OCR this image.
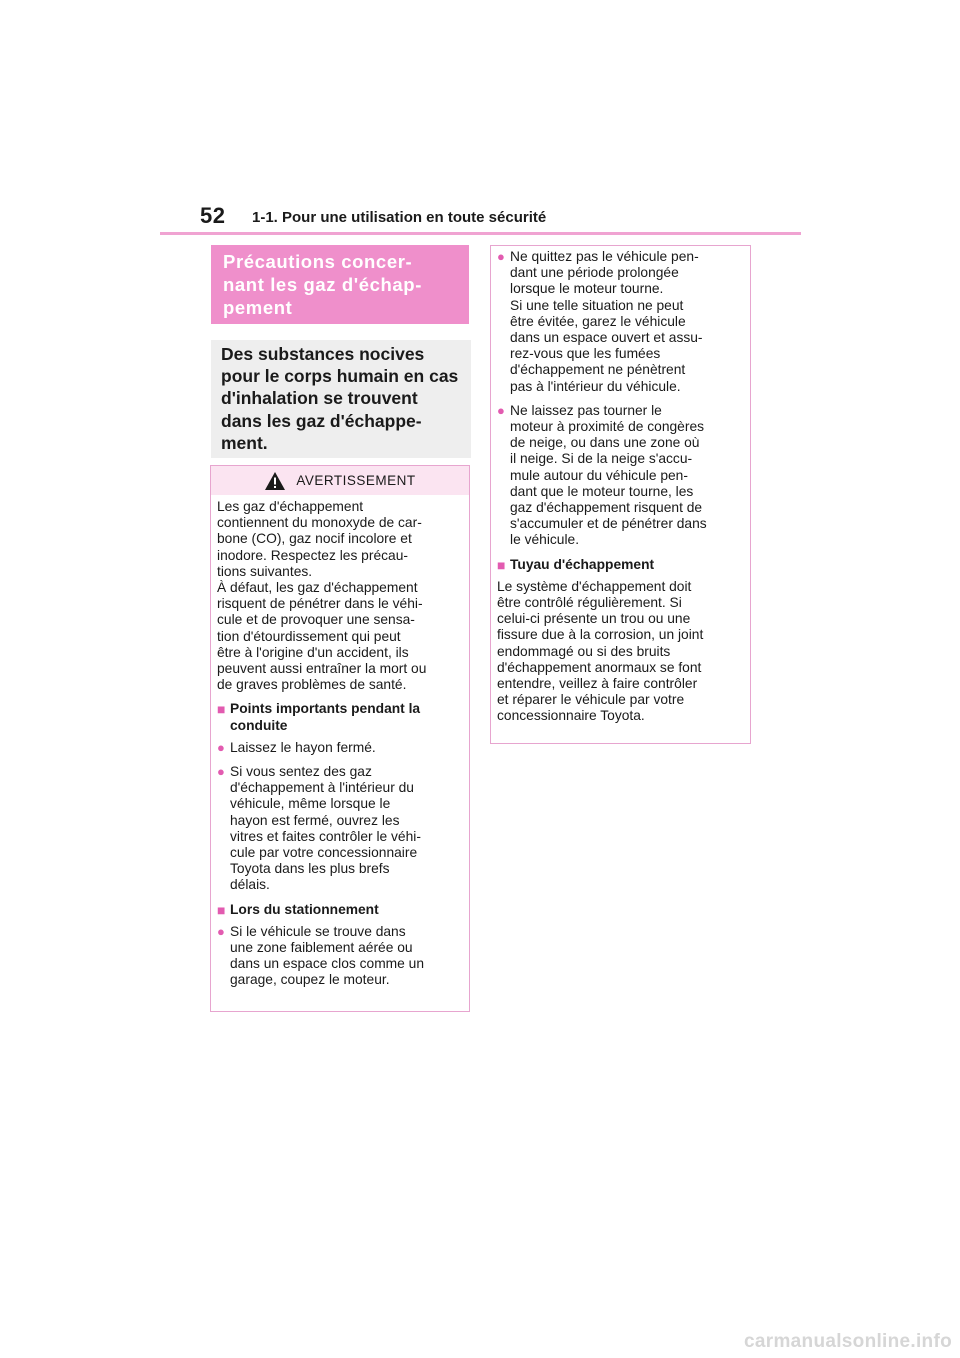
52 1-1. Pour une utilisation en toute sécurité
Précautions concer-
nant les gaz d'échap-
pement
Des substances nocives
pour le corps humain en cas
d'inhalation se trouvent
dans les gaz d'échappe-
ment.
AVERTISSEMENT

Les gaz d'échappement
contiennent du monoxyde de car-
bone (CO), gaz nocif incolore et
inodore. Respectez les précau-
tions suivantes.
À défaut, les gaz d'échappement
risquent de pénétrer dans le véhi-
cule et de provoquer une sensa-
tion d'étourdissement qui peut
être à l'origine d'un accident, ils
peuvent aussi entraîner la mort ou
de graves problèmes de santé.

■ Points importants pendant la
conduite
● Laissez le hayon fermé.
● Si vous sentez des gaz
d'échappement à l'intérieur du
véhicule, même lorsque le
hayon est fermé, ouvrez les
vitres et faites contrôler le véhi-
cule par votre concessionnaire
Toyota dans les plus brefs
délais.
■ Lors du stationnement
● Si le véhicule se trouve dans
une zone faiblement aérée ou
dans un espace clos comme un
garage, coupez le moteur.
● Ne quittez pas le véhicule pen-
dant une période prolongée
lorsque le moteur tourne.
Si une telle situation ne peut
être évitée, garez le véhicule
dans un espace ouvert et assu-
rez-vous que les fumées
d'échappement ne pénètrent
pas à l'intérieur du véhicule.
● Ne laissez pas tourner le
moteur à proximité de congères
de neige, ou dans une zone où
il neige. Si de la neige s'accu-
mule autour du véhicule pen-
dant que le moteur tourne, les
gaz d'échappement risquent de
s'accumuler et de pénétrer dans
le véhicule.
■ Tuyau d'échappement

Le système d'échappement doit
être contrôlé régulièrement. Si
celui-ci présente un trou ou une
fissure due à la corrosion, un joint
endommagé ou si des bruits
d'échappement anormaux se font
entendre, veillez à faire contrôler
et réparer le véhicule par votre
concessionnaire Toyota.

carmanualsonline.info
